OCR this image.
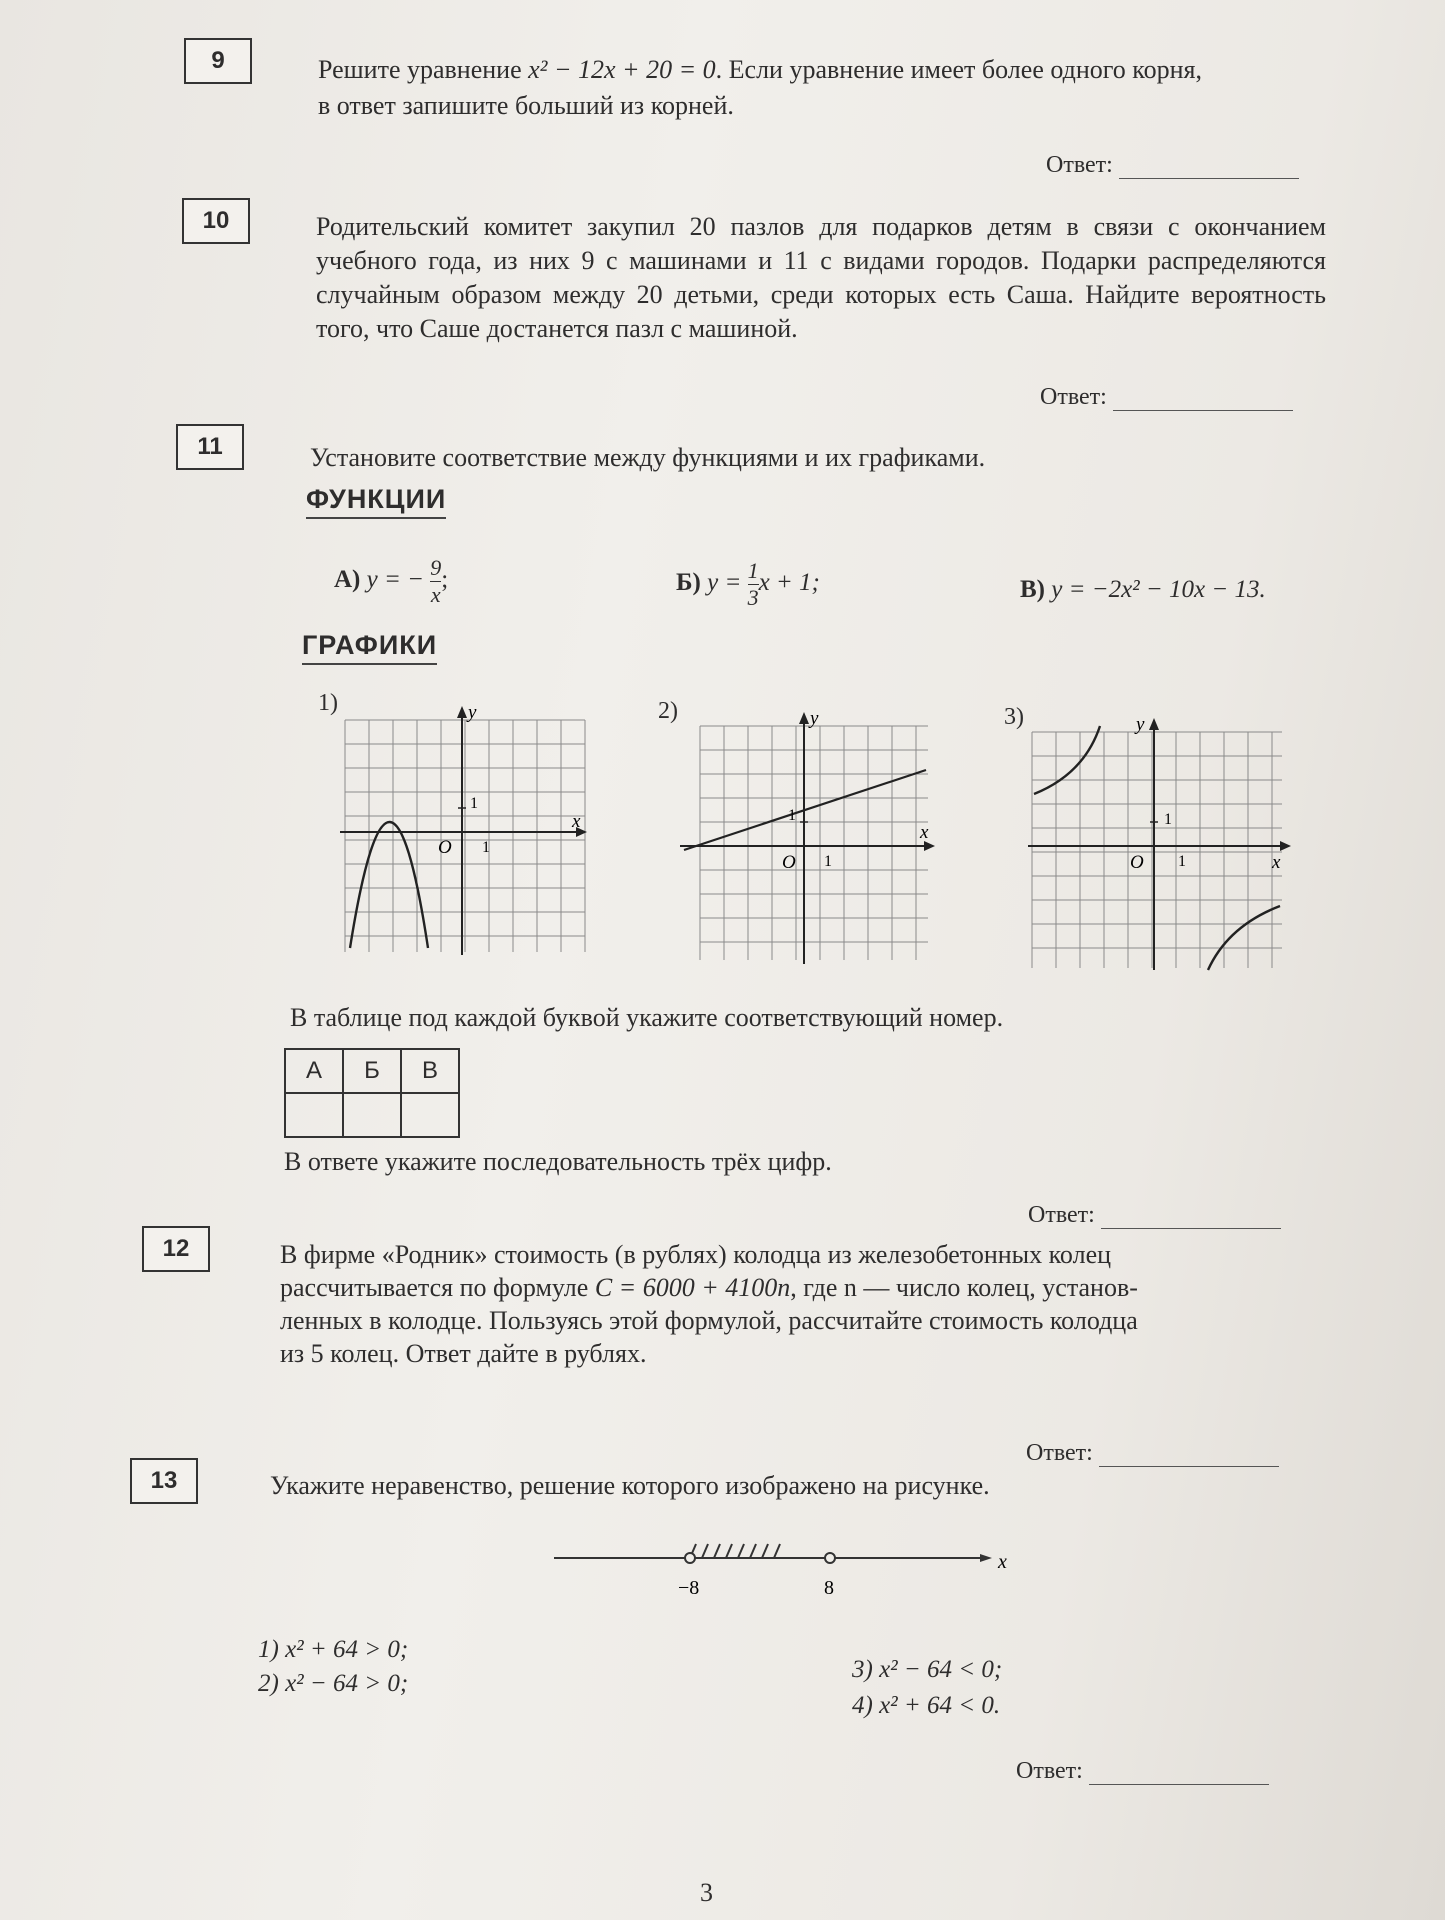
9	Решите уравнение x² − 12x + 20 = 0. Если уравнение имеет более одного корня,
в ответ запишите больший из корней.
Ответ:
10	Родительский комитет закупил 20 пазлов для подарков детям в связи с окончанием учебного года, из них 9 с машинами и 11 с видами городов. Подарки распределяются случайным образом между 20 детьми, среди которых есть Саша. Найдите вероятность того, что Саше достанется пазл с машиной.
Ответ:
11	Установите соответствие между функциями и их графиками.
ФУНКЦИИ
А) y = − $\frac{9}{x}$ ;	Б) $y = \frac{1}{3}$ x + 1;	В) y = −2x² − 10x − 13.
ГРАФИКИ
1)	2)	3)
y
x
O 1
1
y
x
O 1
1
y
x
O 1
1
В таблице под каждой буквой укажите соответствующий номер.
А	Б	В

В ответе укажите последовательность трёх цифр.
Ответ:
12	В фирме «Родник» стоимость (в рублях) колодца из железобетонных колец
рассчитывается по формуле C = 6000 + 4100n, где n — число колец, установ-
ленных в колодце. Пользуясь этой формулой, рассчитайте стоимость колодца
из 5 колец. Ответ дайте в рублях.
Ответ:
13	Укажите неравенство, решение которого изображено на рисунке.
−8	8
x
1) x² + 64 > 0;
2) x² − 64 > 0;
3) x² − 64 < 0;
4) x² + 64 < 0.
Ответ:
3
